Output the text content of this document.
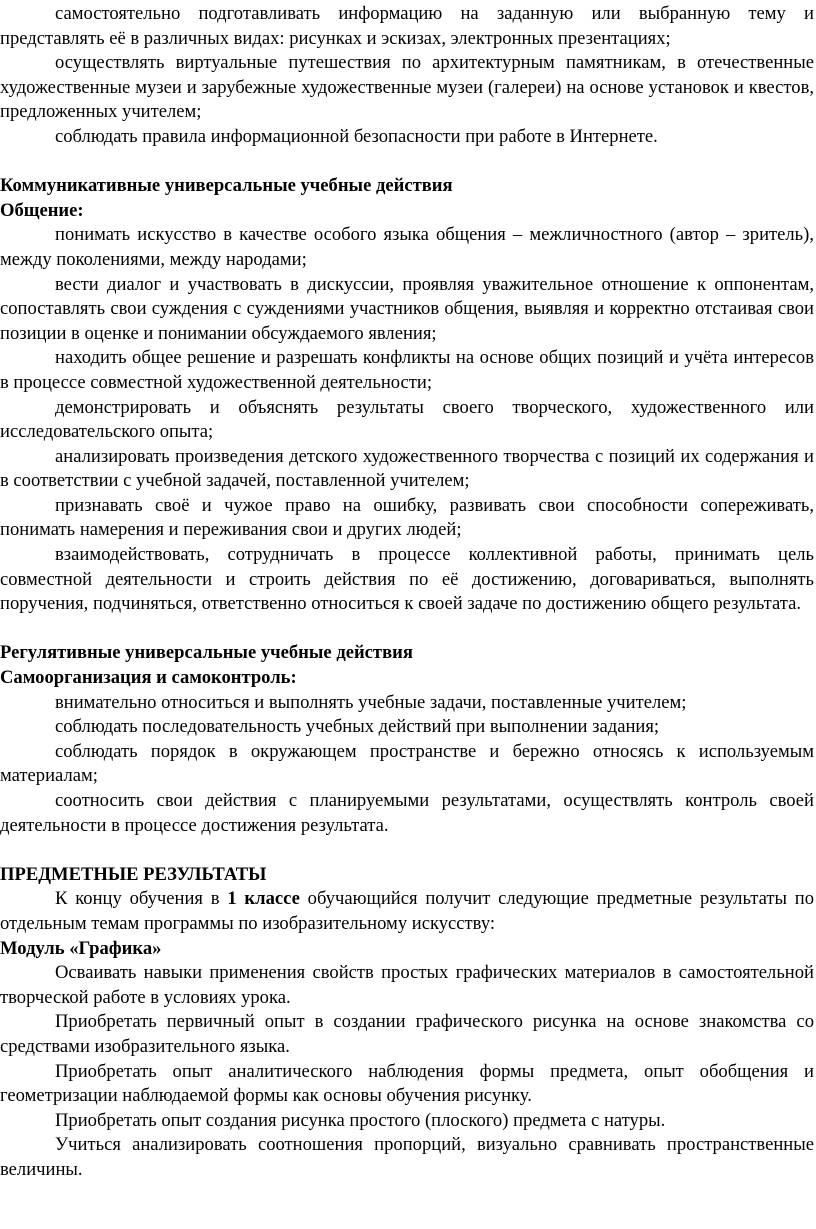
самостоятельно подготавливать информацию на заданную или выбранную тему и представлять её в различных видах: рисунках и эскизах, электронных презентациях;

осуществлять виртуальные путешествия по архитектурным памятникам, в отечественные художественные музеи и зарубежные художественные музеи (галереи) на основе установок и квестов, предложенных учителем;

соблюдать правила информационной безопасности при работе в Интернете.

Коммуникативные универсальные учебные действия

Общение:

понимать искусство в качестве особого языка общения – межличностного (автор – зритель), между поколениями, между народами;

вести диалог и участвовать в дискуссии, проявляя уважительное отношение к оппонентам, сопоставлять свои суждения с суждениями участников общения, выявляя и корректно отстаивая свои позиции в оценке и понимании обсуждаемого явления;

находить общее решение и разрешать конфликты на основе общих позиций и учёта интересов в процессе совместной художественной деятельности;

демонстрировать и объяснять результаты своего творческого, художественного или исследовательского опыта;

анализировать произведения детского художественного творчества с позиций их содержания и в соответствии с учебной задачей, поставленной учителем;

признавать своё и чужое право на ошибку, развивать свои способности сопереживать, понимать намерения и переживания свои и других людей;

взаимодействовать, сотрудничать в процессе коллективной работы, принимать цель совместной деятельности и строить действия по её достижению, договариваться, выполнять поручения, подчиняться, ответственно относиться к своей задаче по достижению общего результата.

Регулятивные универсальные учебные действия

Самоорганизация и самоконтроль:

внимательно относиться и выполнять учебные задачи, поставленные учителем;

соблюдать последовательность учебных действий при выполнении задания;

соблюдать порядок в окружающем пространстве и бережно относясь к используемым материалам;

соотносить свои действия с планируемыми результатами, осуществлять контроль своей деятельности в процессе достижения результата.

ПРЕДМЕТНЫЕ РЕЗУЛЬТАТЫ

К концу обучения в 1 классе обучающийся получит следующие предметные результаты по отдельным темам программы по изобразительному искусству:

Модуль «Графика»

Осваивать навыки применения свойств простых графических материалов в самостоятельной творческой работе в условиях урока.

Приобретать первичный опыт в создании графического рисунка на основе знакомства со средствами изобразительного языка.

Приобретать опыт аналитического наблюдения формы предмета, опыт обобщения и геометризации наблюдаемой формы как основы обучения рисунку.

Приобретать опыт создания рисунка простого (плоского) предмета с натуры.

Учиться анализировать соотношения пропорций, визуально сравнивать пространственные величины.
